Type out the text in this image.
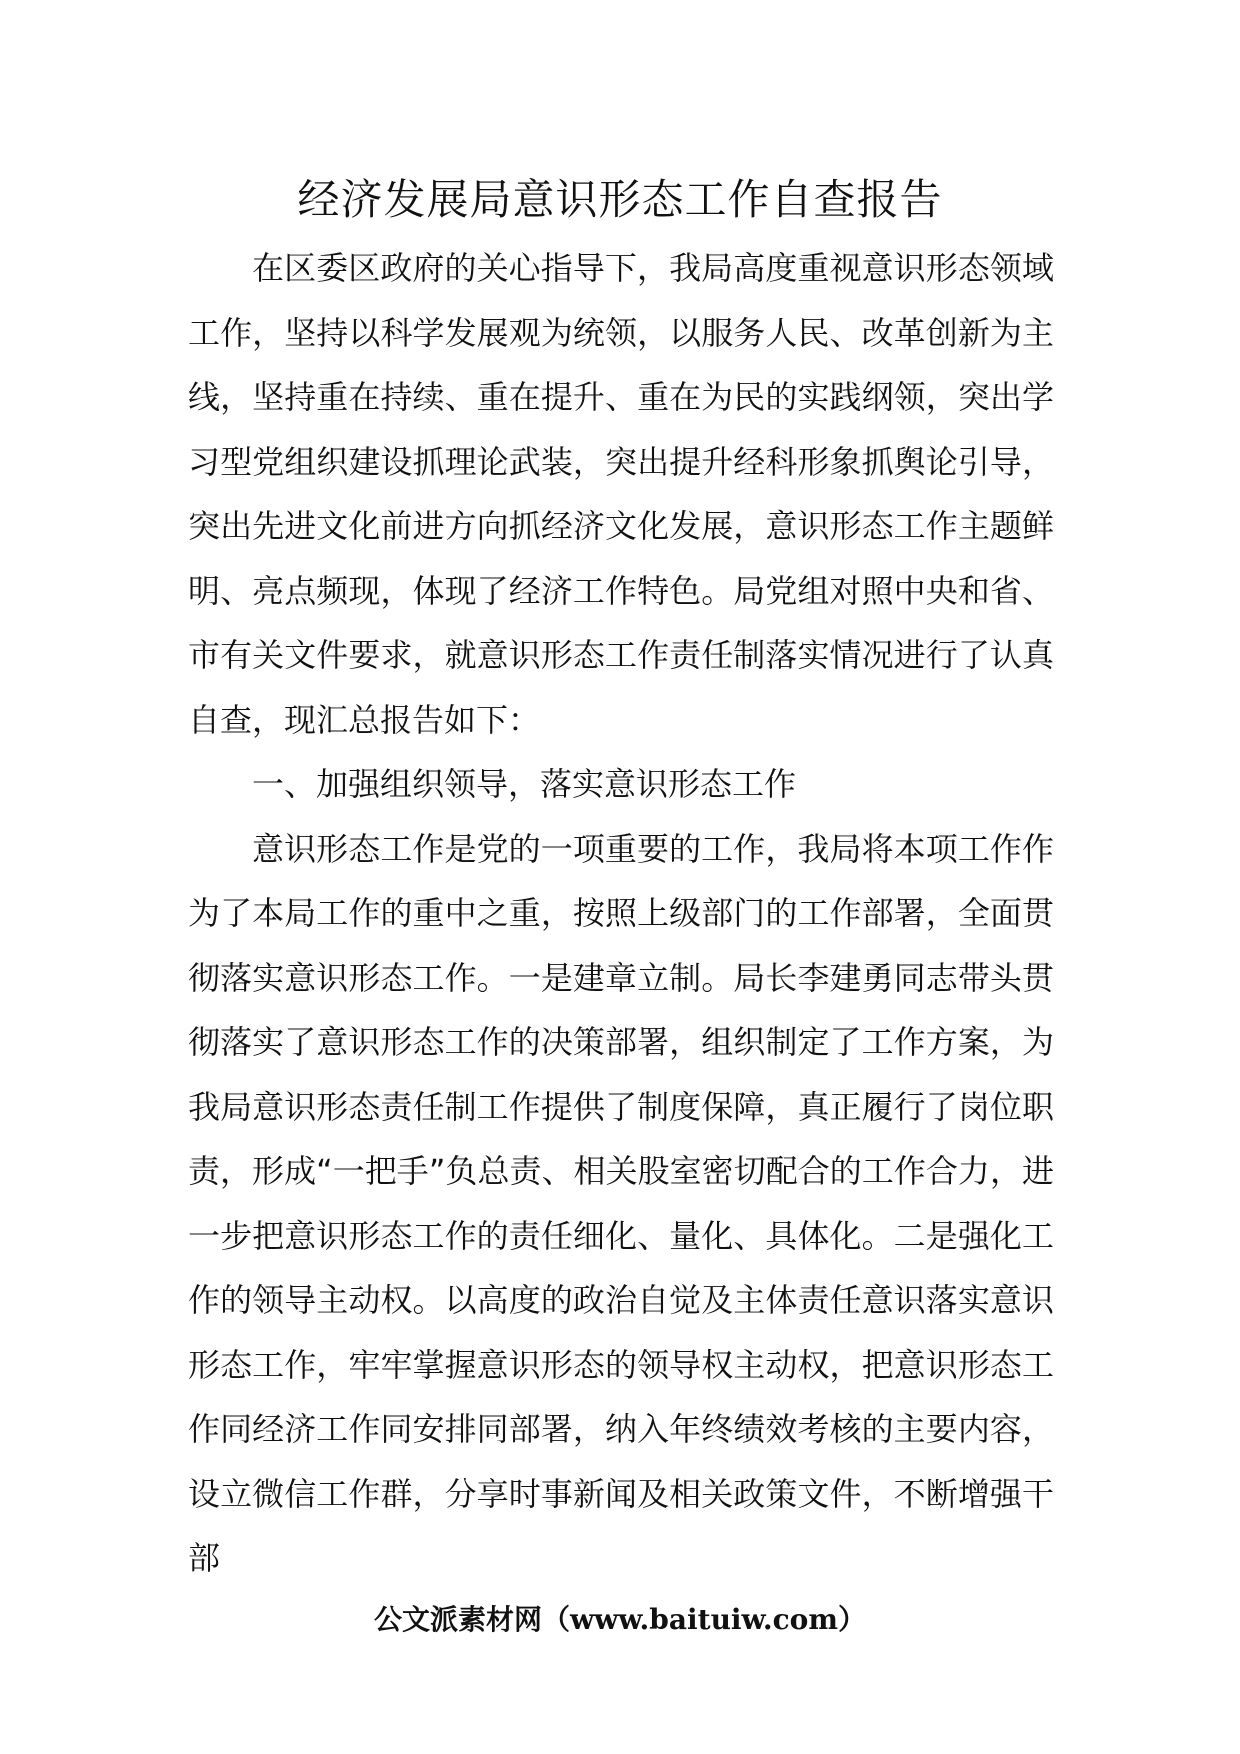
经济发展局意识形态工作自查报告

在区委区政府的关心指导下，我局高度重视意识形态领域工作，坚持以科学发展观为统领，以服务人民、改革创新为主线，坚持重在持续、重在提升、重在为民的实践纲领，突出学习型党组织建设抓理论武装，突出提升经科形象抓舆论引导，突出先进文化前进方向抓经济文化发展，意识形态工作主题鲜明、亮点频现，体现了经济工作特色。局党组对照中央和省、市有关文件要求，就意识形态工作责任制落实情况进行了认真自查，现汇总报告如下：

一、加强组织领导，落实意识形态工作

意识形态工作是党的一项重要的工作，我局将本项工作作为了本局工作的重中之重，按照上级部门的工作部署，全面贯彻落实意识形态工作。一是建章立制。局长李建勇同志带头贯彻落实了意识形态工作的决策部署，组织制定了工作方案，为我局意识形态责任制工作提供了制度保障，真正履行了岗位职责，形成“一把手”负总责、相关股室密切配合的工作合力，进一步把意识形态工作的责任细化、量化、具体化。二是强化工作的领导主动权。以高度的政治自觉及主体责任意识落实意识形态工作，牢牢掌握意识形态的领导权主动权，把意识形态工作同经济工作同安排同部署，纳入年终绩效考核的主要内容，设立微信工作群，分享时事新闻及相关政策文件，不断增强干部

公文派素材网（www.baituiw.com）
